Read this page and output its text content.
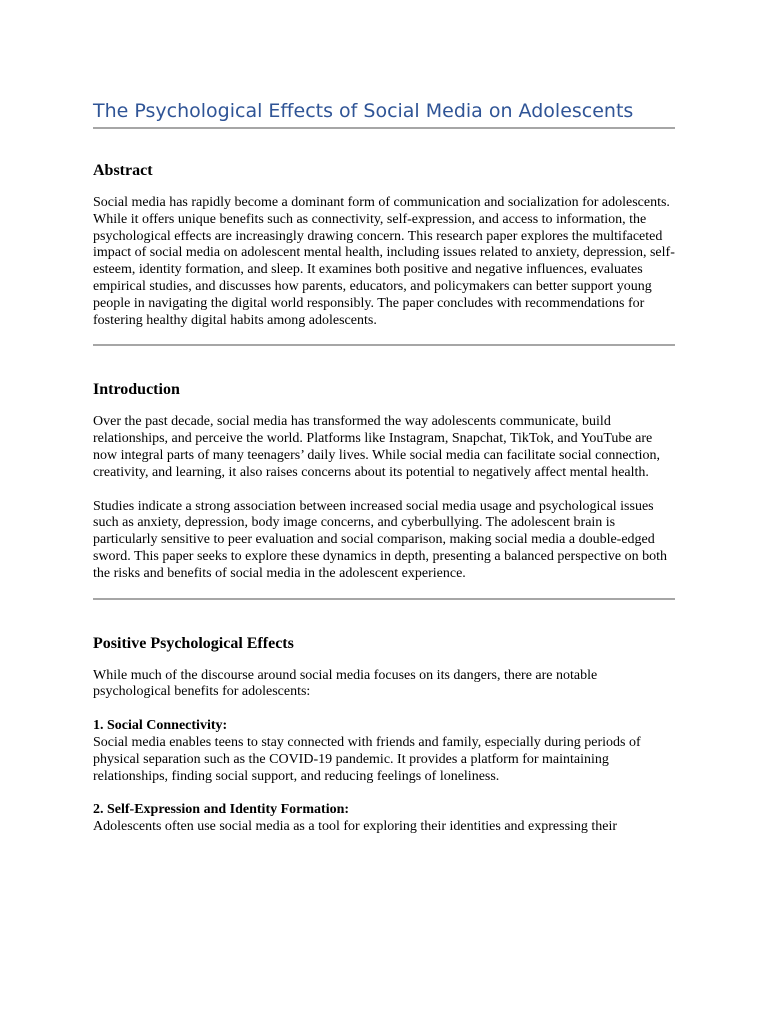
The Psychological Effects of Social Media on Adolescents
Abstract

Social media has rapidly become a dominant form of communication and socialization for adolescents. While it offers unique benefits such as connectivity, self-expression, and access to information, the psychological effects are increasingly drawing concern. This research paper explores the multifaceted impact of social media on adolescent mental health, including issues related to anxiety, depression, self-esteem, identity formation, and sleep. It examines both positive and negative influences, evaluates empirical studies, and discusses how parents, educators, and policymakers can better support young people in navigating the digital world responsibly. The paper concludes with recommendations for fostering healthy digital habits among adolescents.

Introduction

Over the past decade, social media has transformed the way adolescents communicate, build relationships, and perceive the world. Platforms like Instagram, Snapchat, TikTok, and YouTube are now integral parts of many teenagers’ daily lives. While social media can facilitate social connection, creativity, and learning, it also raises concerns about its potential to negatively affect mental health.

Studies indicate a strong association between increased social media usage and psychological issues such as anxiety, depression, body image concerns, and cyberbullying. The adolescent brain is particularly sensitive to peer evaluation and social comparison, making social media a double-edged sword. This paper seeks to explore these dynamics in depth, presenting a balanced perspective on both the risks and benefits of social media in the adolescent experience.

Positive Psychological Effects

While much of the discourse around social media focuses on its dangers, there are notable psychological benefits for adolescents:

1. Social Connectivity:

Social media enables teens to stay connected with friends and family, especially during periods of physical separation such as the COVID-19 pandemic. It provides a platform for maintaining relationships, finding social support, and reducing feelings of loneliness.

2. Self-Expression and Identity Formation:

Adolescents often use social media as a tool for exploring their identities and expressing their
